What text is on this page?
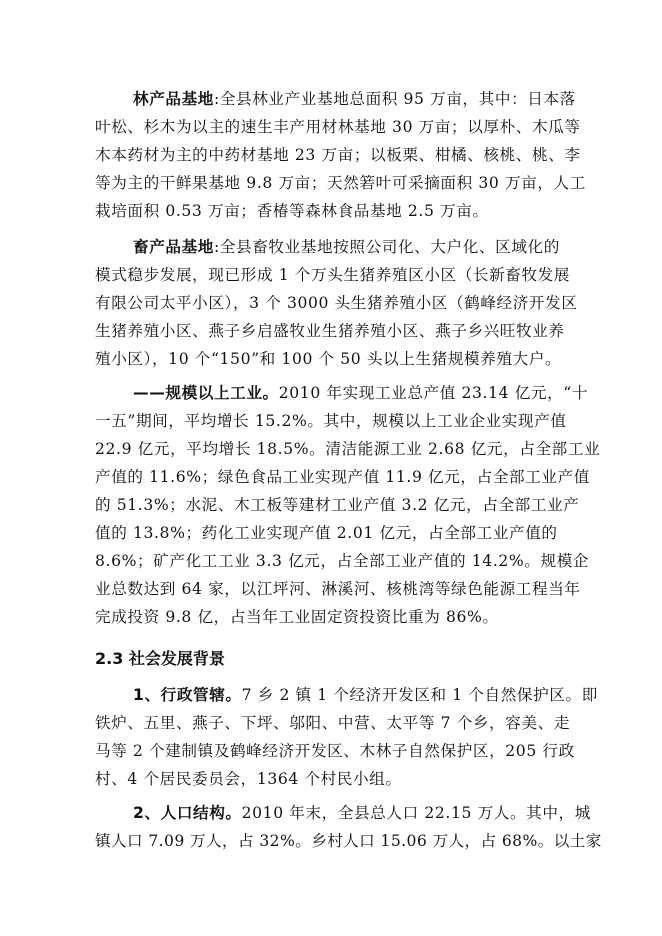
林产品基地:全县林业产业基地总面积 95 万亩，其中：日本落
叶松、杉木为以主的速生丰产用材林基地 30 万亩；以厚朴、木瓜等
木本药材为主的中药材基地 23 万亩；以板栗、柑橘、核桃、桃、李
等为主的干鲜果基地 9.8 万亩；天然箬叶可采摘面积 30 万亩，人工
栽培面积 0.53 万亩；香椿等森林食品基地 2.5 万亩。
畜产品基地:全县畜牧业基地按照公司化、大户化、区域化的
模式稳步发展，现已形成 1 个万头生猪养殖区小区（长新畜牧发展
有限公司太平小区），3 个 3000 头生猪养殖小区（鹤峰经济开发区
生猪养殖小区、燕子乡启盛牧业生猪养殖小区、燕子乡兴旺牧业养
殖小区），10 个“150”和 100 个 50 头以上生猪规模养殖大户。
——规模以上工业。2010 年实现工业总产值 23.14 亿元，“十
一五”期间，平均增长 15.2%。其中，规模以上工业企业实现产值
22.9 亿元，平均增长 18.5%。清洁能源工业 2.68 亿元，占全部工业
产值的 11.6%；绿色食品工业实现产值 11.9 亿元，占全部工业产值
的 51.3%；水泥、木工板等建材工业产值 3.2 亿元，占全部工业产
值的 13.8%；药化工业实现产值 2.01 亿元，占全部工业产值的
8.6%；矿产化工工业 3.3 亿元，占全部工业产值的 14.2%。规模企
业总数达到 64 家，以江坪河、淋溪河、核桃湾等绿色能源工程当年
完成投资 9.8 亿，占当年工业固定资投资比重为 86%。
2.3 社会发展背景
1、行政管辖。7 乡 2 镇 1 个经济开发区和 1 个自然保护区。即
铁炉、五里、燕子、下坪、邬阳、中营、太平等 7 个乡，容美、走
马等 2 个建制镇及鹤峰经济开发区、木林子自然保护区，205 行政
村、4 个居民委员会，1364 个村民小组。
2、人口结构。2010 年末，全县总人口 22.15 万人。其中，城
镇人口 7.09 万人，占 32%。乡村人口 15.06 万人，占 68%。以土家
